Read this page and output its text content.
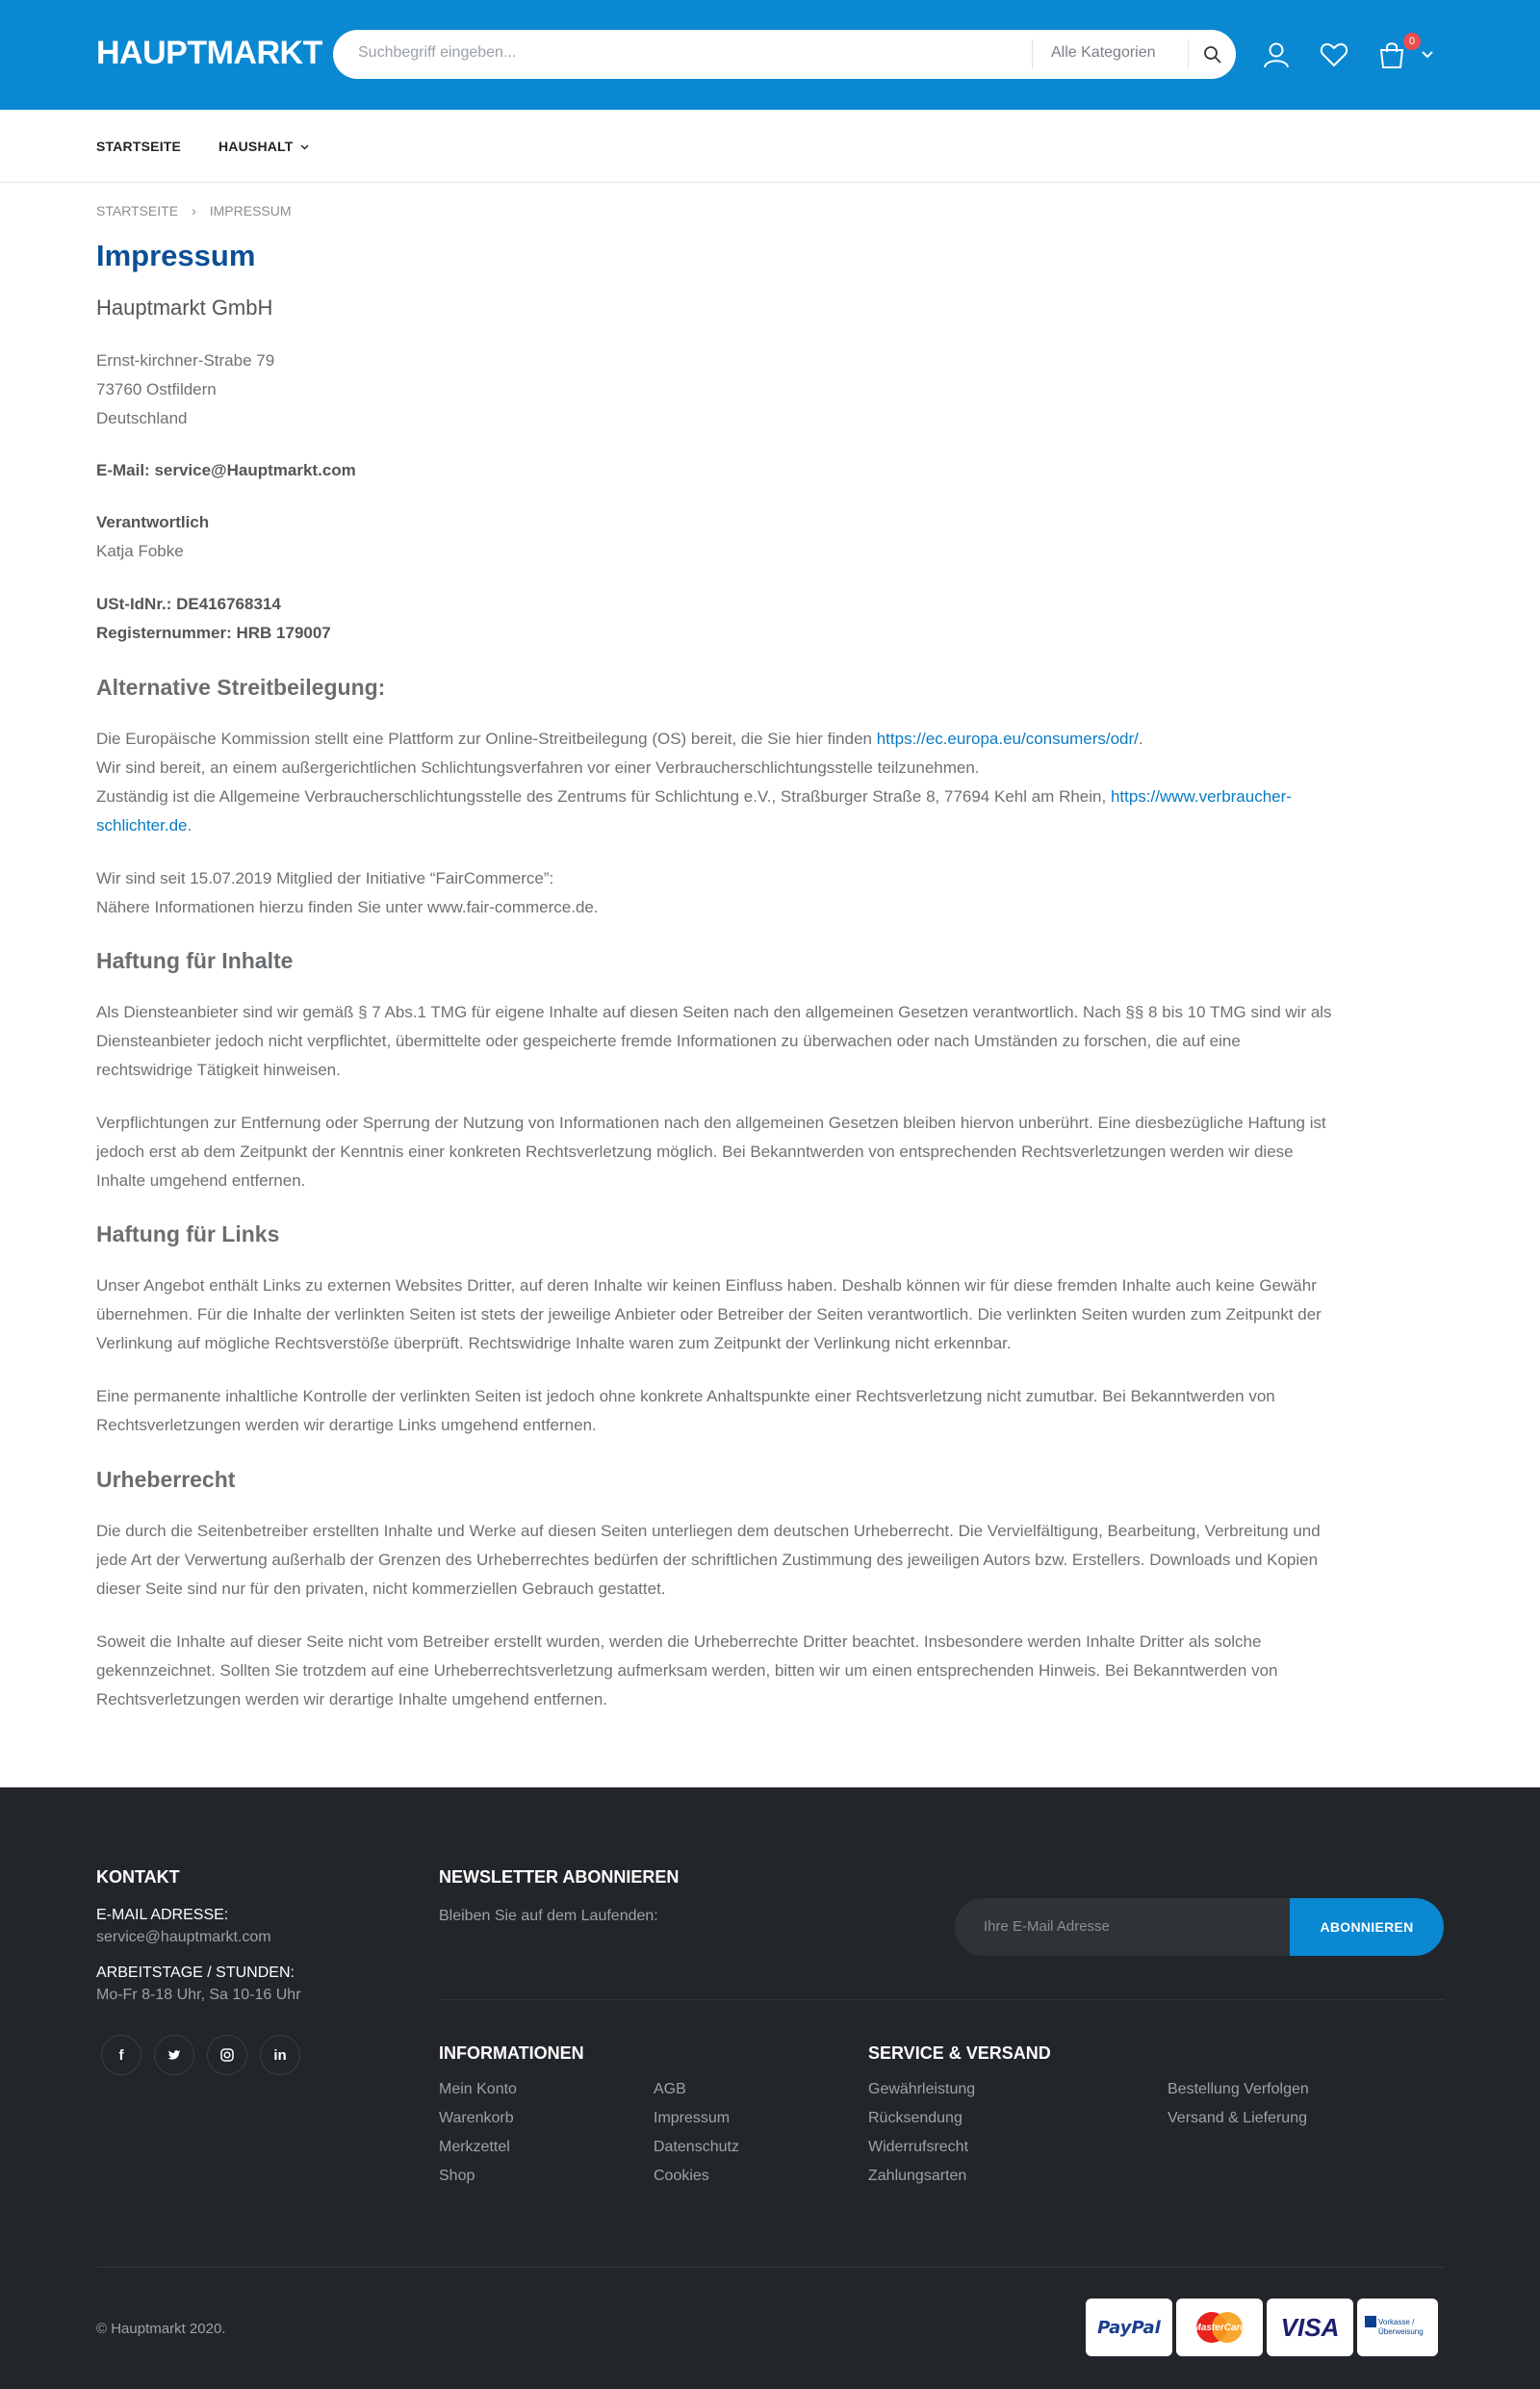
HAUPTMARKT Suchbegriff eingeben...	Alle Kategorien
0
STARTSEITE	HAUSHALT
STARTSEITE › IMPRESSUM
Impressum
Hauptmarkt GmbH
Ernst-kirchner-Strabe 79
73760 Ostfildern
Deutschland
E-Mail: service@Hauptmarkt.com
Verantwortlich
Katja Fobke
USt-IdNr.: DE416768314
Registernummer: HRB 179007
Alternative Streitbeilegung:
Die Europäische Kommission stellt eine Plattform zur Online-Streitbeilegung (OS) bereit, die Sie hier finden https://ec.europa.eu/consumers/odr/.
Wir sind bereit, an einem außergerichtlichen Schlichtungsverfahren vor einer Verbraucherschlichtungsstelle teilzunehmen.
Zuständig ist die Allgemeine Verbraucherschlichtungsstelle des Zentrums für Schlichtung e.V., Straßburger Straße 8, 77694 Kehl am Rhein, https://www.verbraucher-
schlichter.de.
Wir sind seit 15.07.2019 Mitglied der Initiative “FairCommerce”:
Nähere Informationen hierzu finden Sie unter www.fair-commerce.de.
Haftung für Inhalte
Als Diensteanbieter sind wir gemäß § 7 Abs.1 TMG für eigene Inhalte auf diesen Seiten nach den allgemeinen Gesetzen verantwortlich. Nach §§ 8 bis 10 TMG sind wir als
Diensteanbieter jedoch nicht verpflichtet, übermittelte oder gespeicherte fremde Informationen zu überwachen oder nach Umständen zu forschen, die auf eine
rechtswidrige Tätigkeit hinweisen.
Verpflichtungen zur Entfernung oder Sperrung der Nutzung von Informationen nach den allgemeinen Gesetzen bleiben hiervon unberührt. Eine diesbezügliche Haftung ist
jedoch erst ab dem Zeitpunkt der Kenntnis einer konkreten Rechtsverletzung möglich. Bei Bekanntwerden von entsprechenden Rechtsverletzungen werden wir diese
Inhalte umgehend entfernen.
Haftung für Links
Unser Angebot enthält Links zu externen Websites Dritter, auf deren Inhalte wir keinen Einfluss haben. Deshalb können wir für diese fremden Inhalte auch keine Gewähr
übernehmen. Für die Inhalte der verlinkten Seiten ist stets der jeweilige Anbieter oder Betreiber der Seiten verantwortlich. Die verlinkten Seiten wurden zum Zeitpunkt der
Verlinkung auf mögliche Rechtsverstöße überprüft. Rechtswidrige Inhalte waren zum Zeitpunkt der Verlinkung nicht erkennbar.
Eine permanente inhaltliche Kontrolle der verlinkten Seiten ist jedoch ohne konkrete Anhaltspunkte einer Rechtsverletzung nicht zumutbar. Bei Bekanntwerden von
Rechtsverletzungen werden wir derartige Links umgehend entfernen.
Urheberrecht
Die durch die Seitenbetreiber erstellten Inhalte und Werke auf diesen Seiten unterliegen dem deutschen Urheberrecht. Die Vervielfältigung, Bearbeitung, Verbreitung und
jede Art der Verwertung außerhalb der Grenzen des Urheberrechtes bedürfen der schriftlichen Zustimmung des jeweiligen Autors bzw. Erstellers. Downloads und Kopien
dieser Seite sind nur für den privaten, nicht kommerziellen Gebrauch gestattet.
Soweit die Inhalte auf dieser Seite nicht vom Betreiber erstellt wurden, werden die Urheberrechte Dritter beachtet. Insbesondere werden Inhalte Dritter als solche
gekennzeichnet. Sollten Sie trotzdem auf eine Urheberrechtsverletzung aufmerksam werden, bitten wir um einen entsprechenden Hinweis. Bei Bekanntwerden von
Rechtsverletzungen werden wir derartige Inhalte umgehend entfernen.
KONTAKT
E-MAIL ADRESSE:
service@hauptmarkt.com
ARBEITSTAGE / STUNDEN:
Mo-Fr 8-18 Uhr, Sa 10-16 Uhr
f	in
NEWSLETTER ABONNIEREN
Bleiben Sie auf dem Laufenden:
Ihre E-Mail Adresse	ABONNIEREN
INFORMATIONEN
Mein Konto
Warenkorb
Merkzettel
Shop
AGB
Impressum
Datenschutz
Cookies
SERVICE & VERSAND
Gewährleistung
Rücksendung
Widerrufsrecht
Zahlungsarten
Bestellung Verfolgen
Versand & Lieferung
© Hauptmarkt 2020.	PayPal	MasterCard VISA	Vorkasse /
Überweisung
